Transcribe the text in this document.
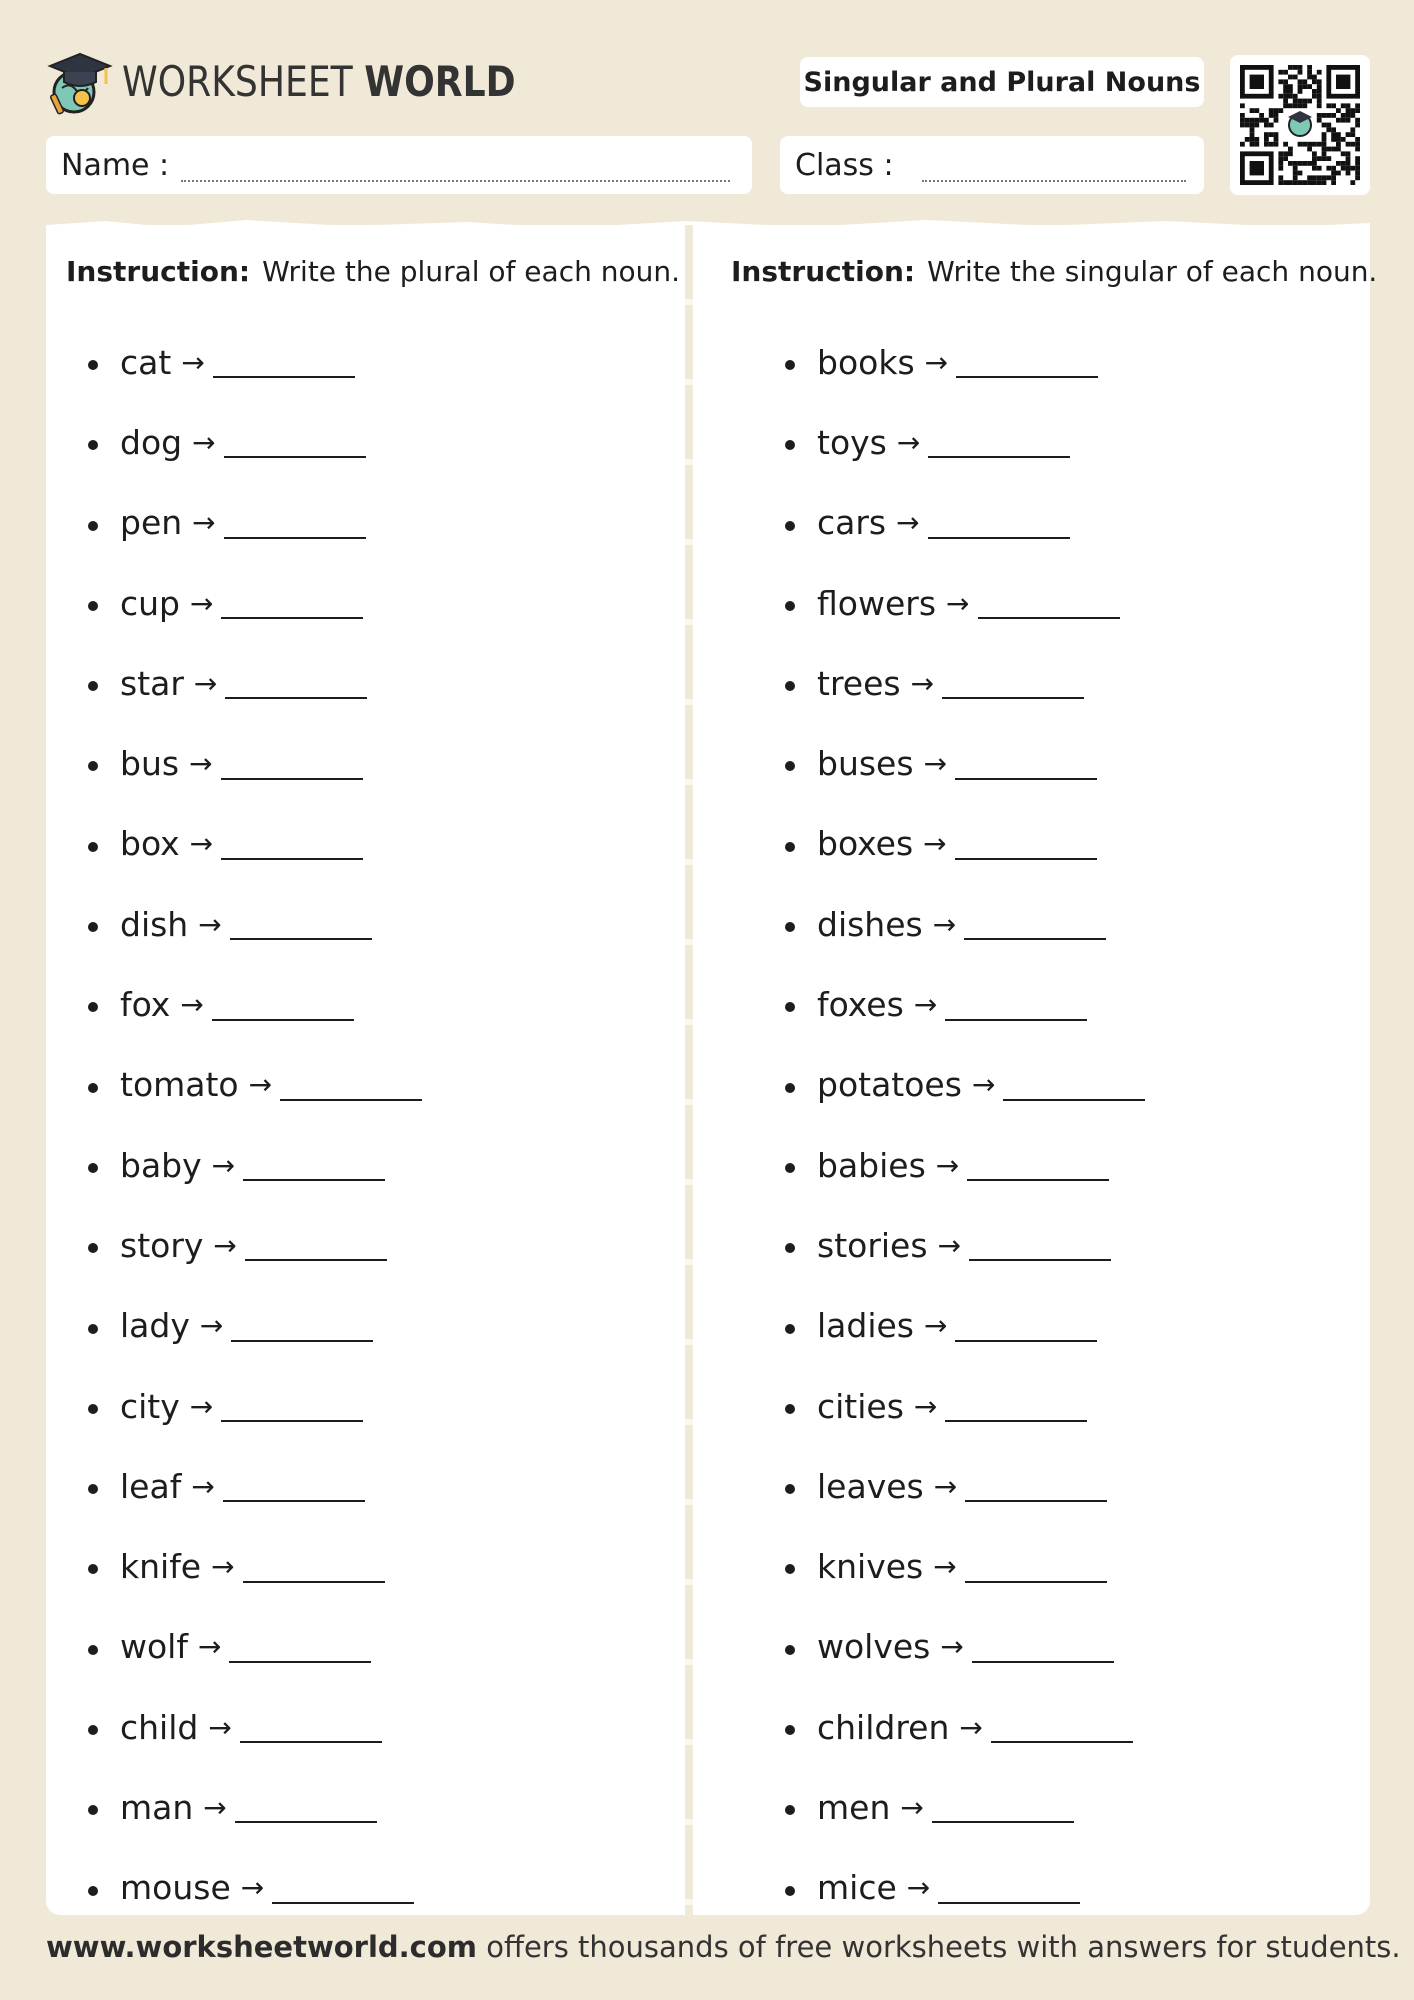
WORKSHEET WORLD	Singular and Plural Nouns
Name :	Class :
Instruction: Write the plural of each noun.
cat →
dog →
pen →
cup →
star →
bus →
box →
dish →
fox →
tomato →
baby →
story →
lady →
city →
leaf →
knife →
wolf →
child →
man →
mouse →
Instruction: Write the singular of each noun.
books →
toys →
cars →
flowers →
trees →
buses →
boxes →
dishes →
foxes →
potatoes →
babies →
stories →
ladies →
cities →
leaves →
knives →
wolves →
children →
men →
mice →
www.worksheetworld.com offers thousands of free worksheets with answers for students.
